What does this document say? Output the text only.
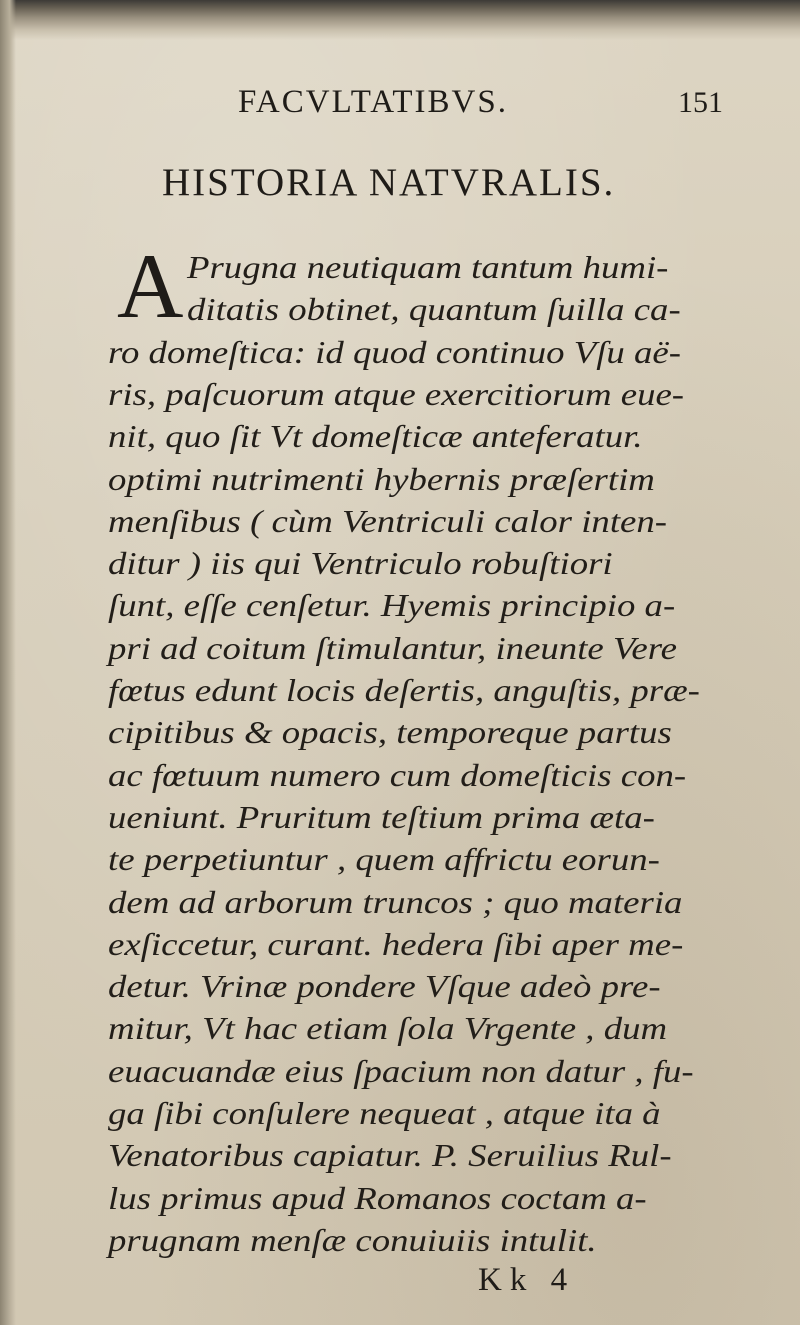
FACVLTATIBVS.	151
HISTORIA NATVRALIS.
A Prugna neutiquam tantum humi-
ditatis obtinet, quantum ſuilla ca-
ro domeſtica: id quod continuo Vſu aë-
ris, paſcuorum atque exercitiorum eue-
nit, quo ſit Vt domeſticæ anteferatur.
optimi nutrimenti hybernis præſertim
menſibus ( cùm Ventriculi calor inten-
ditur ) iis qui Ventriculo robuſtiori
ſunt, eſſe cenſetur. Hyemis principio a-
pri ad coitum ſtimulantur, ineunte Vere
fœtus edunt locis deſertis, anguſtis, præ-
cipitibus & opacis, temporeque partus
ac fœtuum numero cum domeſticis con-
ueniunt. Pruritum teſtium prima æta-
te perpetiuntur , quem affrictu eorun-
dem ad arborum truncos ; quo materia
exſiccetur, curant. hedera ſibi aper me-
detur. Vrinæ pondere Vſque adeò pre-
mitur, Vt hac etiam ſola Vrgente , dum
euacuandæ eius ſpacium non datur , fu-
ga ſibi conſulere nequeat , atque ita à
Venatoribus capiatur. P. Seruilius Rul-
lus primus apud Romanos coctam a-
prugnam menſæ conuiuiis intulit.
Kk 4
